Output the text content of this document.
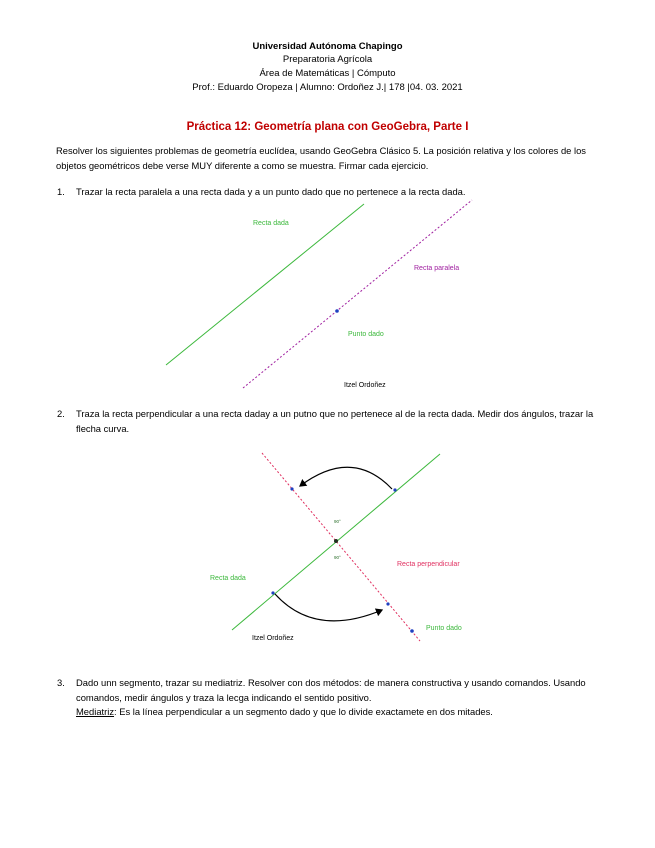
Universidad Autónoma Chapingo
Preparatoria Agrícola
Área de Matemáticas | Cómputo
Prof.: Eduardo Oropeza | Alumno: Ordoñez J.| 178 |04. 03. 2021
Práctica 12: Geometría plana con GeoGebra, Parte I
Resolver los siguientes problemas de geometría euclídea, usando GeoGebra Clásico 5. La posición relativa y los colores de los objetos geométricos debe verse MUY diferente a como se muestra. Firmar cada ejercicio.
1. Trazar la recta paralela a una recta dada y a un punto dado que no pertenece a la recta dada.
Recta dada
Recta paralela
Punto dado
Itzel Ordoñez
2. Traza la recta perpendicular a una recta daday a un putno que no pertenece al de la recta dada. Medir dos ángulos, trazar la flecha curva.
90°
90°
Recta dada
Recta perpendicular
Punto dado
Itzel Ordoñez
3. Dado unn segmento, trazar su mediatriz. Resolver con dos métodos: de manera constructiva y usando comandos. Usando comandos, medir ángulos y traza la lecga indicando el sentido positivo.
Mediatriz: Es la línea perpendicular a un segmento dado y que lo divide exactamete en dos mitades.
